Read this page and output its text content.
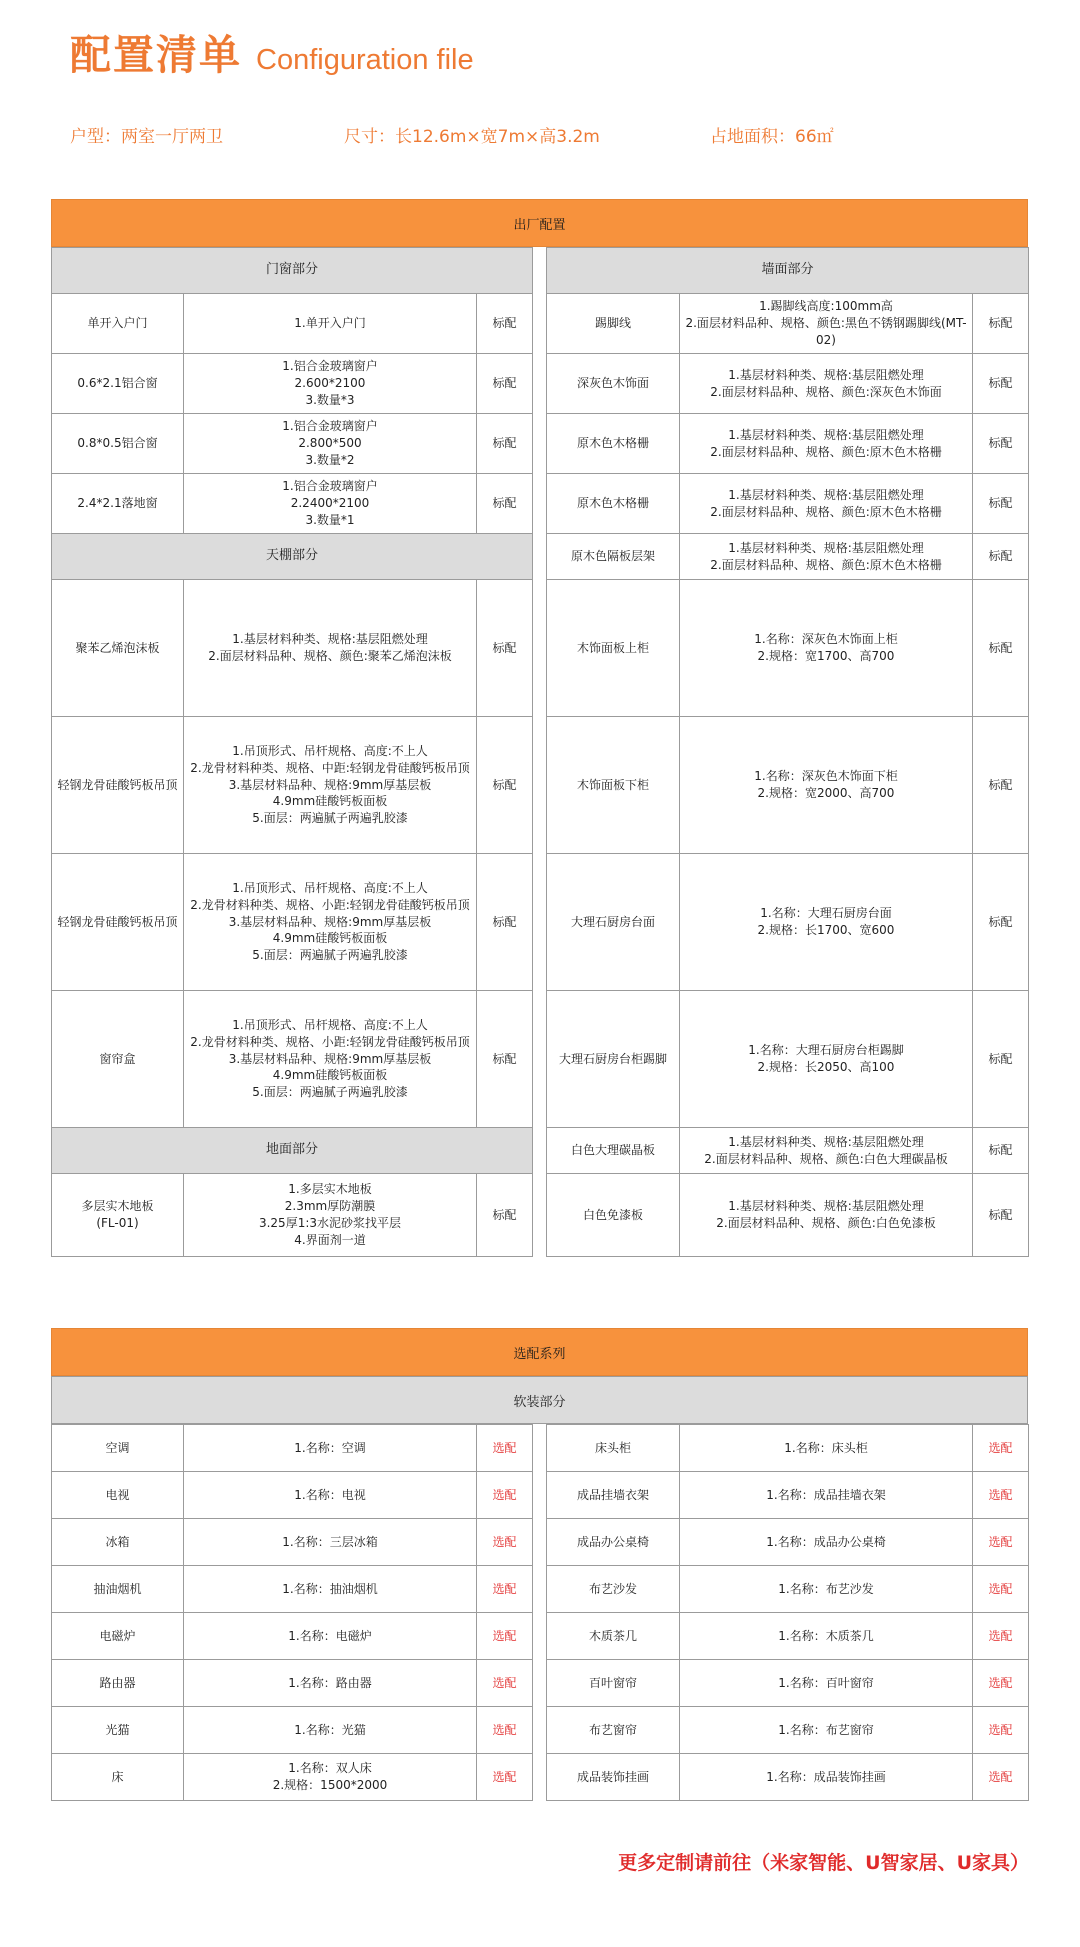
配置清单 Configuration file
户型：两室一厅两卫	尺寸：长12.6m×宽7m×高3.2m	占地面积：66㎡
出厂配置
门窗部分		
单开入户门	1.单开入户门	标配
0.6*2.1铝合窗	1.铝合金玻璃窗户
2.600*2100
3.数量*3	标配
0.8*0.5铝合窗	1.铝合金玻璃窗户
2.800*500
3.数量*2	标配
2.4*2.1落地窗	1.铝合金玻璃窗户
2.2400*2100
3.数量*1	标配
天棚部分		
聚苯乙烯泡沫板	1.基层材料种类、规格:基层阻燃处理
2.面层材料品种、规格、颜色:聚苯乙烯泡沫板	标配
轻钢龙骨硅酸钙板吊顶	1.吊顶形式、吊杆规格、高度:不上人
2.龙骨材料种类、规格、中距:轻钢龙骨硅酸钙板吊顶
3.基层材料品种、规格:9mm厚基层板
4.9mm硅酸钙板面板
5.面层：两遍腻子两遍乳胶漆	标配
轻钢龙骨硅酸钙板吊顶	1.吊顶形式、吊杆规格、高度:不上人
2.龙骨材料种类、规格、小距:轻钢龙骨硅酸钙板吊顶
3.基层材料品种、规格:9mm厚基层板
4.9mm硅酸钙板面板
5.面层：两遍腻子两遍乳胶漆	标配
窗帘盒	1.吊顶形式、吊杆规格、高度:不上人
2.龙骨材料种类、规格、小距:轻钢龙骨硅酸钙板吊顶
3.基层材料品种、规格:9mm厚基层板
4.9mm硅酸钙板面板
5.面层：两遍腻子两遍乳胶漆	标配
地面部分		
多层实木地板
(FL-01)	1.多层实木地板
2.3mm厚防潮膜
3.25厚1:3水泥砂浆找平层
4.界面剂一道	标配
墙面部分		
踢脚线	1.踢脚线高度:100mm高
2.面层材料品种、规格、颜色:黑色不锈钢踢脚线(MT-02)	标配
深灰色木饰面	1.基层材料种类、规格:基层阻燃处理
2.面层材料品种、规格、颜色:深灰色木饰面	标配
原木色木格栅	1.基层材料种类、规格:基层阻燃处理
2.面层材料品种、规格、颜色:原木色木格栅	标配
原木色木格栅	1.基层材料种类、规格:基层阻燃处理
2.面层材料品种、规格、颜色:原木色木格栅	标配
原木色隔板层架	1.基层材料种类、规格:基层阻燃处理
2.面层材料品种、规格、颜色:原木色木格栅	标配
木饰面板上柜	1.名称：深灰色木饰面上柜
2.规格：宽1700、高700	标配
木饰面板下柜	1.名称：深灰色木饰面下柜
2.规格：宽2000、高700	标配
大理石厨房台面	1.名称：大理石厨房台面
2.规格：长1700、宽600	标配
大理石厨房台柜踢脚	1.名称：大理石厨房台柜踢脚
2.规格：长2050、高100	标配
白色大理碳晶板	1.基层材料种类、规格:基层阻燃处理
2.面层材料品种、规格、颜色:白色大理碳晶板	标配
白色免漆板	1.基层材料种类、规格:基层阻燃处理
2.面层材料品种、规格、颜色:白色免漆板	标配
选配系列
软装部分
空调	1.名称：空调	选配
电视	1.名称：电视	选配
冰箱	1.名称：三层冰箱	选配
抽油烟机	1.名称：抽油烟机	选配
电磁炉	1.名称：电磁炉	选配
路由器	1.名称：路由器	选配
光猫	1.名称：光猫	选配
床	1.名称：双人床
2.规格：1500*2000	选配
床头柜	1.名称：床头柜	选配
成品挂墙衣架	1.名称：成品挂墙衣架	选配
成品办公桌椅	1.名称：成品办公桌椅	选配
布艺沙发	1.名称：布艺沙发	选配
木质茶几	1.名称：木质茶几	选配
百叶窗帘	1.名称：百叶窗帘	选配
布艺窗帘	1.名称：布艺窗帘	选配
成品装饰挂画	1.名称：成品装饰挂画	选配
更多定制请前往（米家智能、U智家居、U家具）
